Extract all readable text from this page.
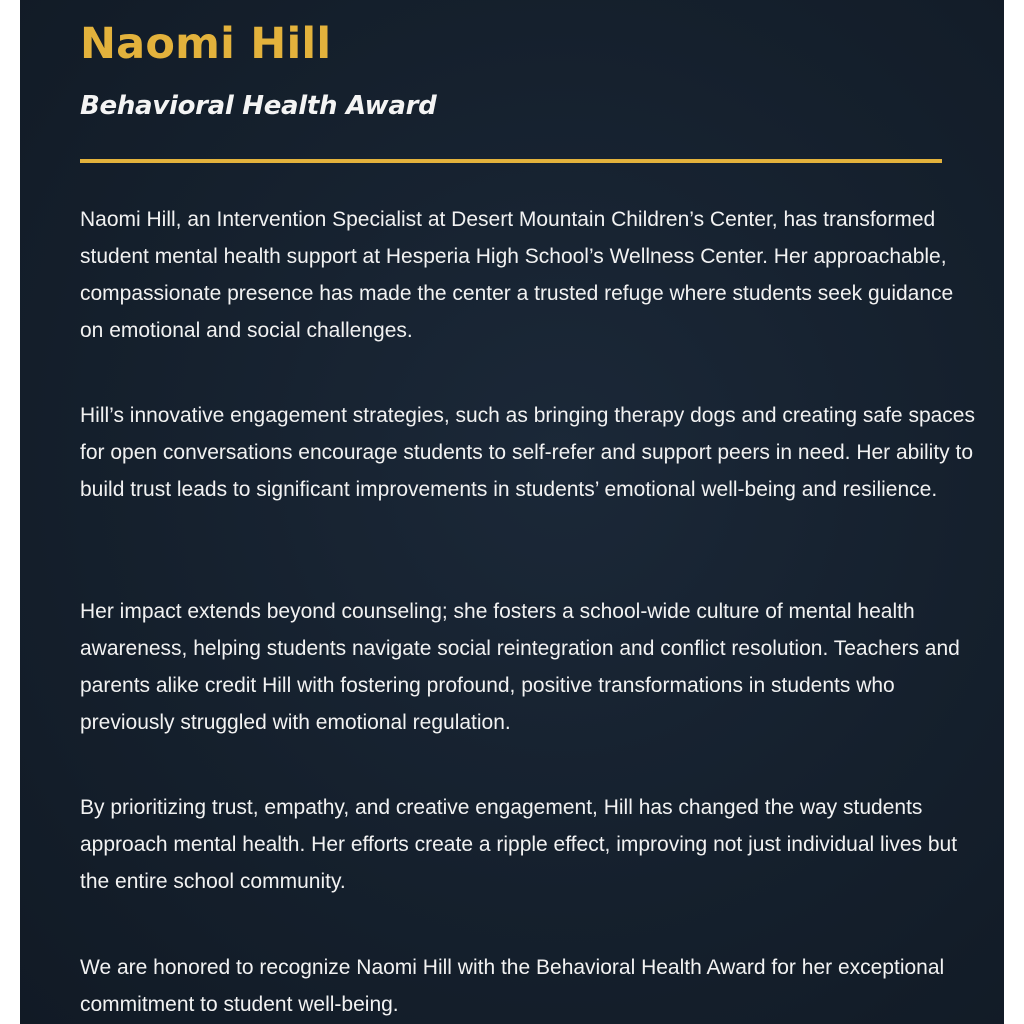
Naomi Hill
Behavioral Health Award

Naomi Hill, an Intervention Specialist at Desert Mountain Children’s Center, has transformed student mental health support at Hesperia High School’s Wellness Center. Her approachable, compassionate presence has made the center a trusted refuge where students seek guidance on emotional and social challenges.

Hill’s innovative engagement strategies, such as bringing therapy dogs and creating safe spaces for open conversations encourage students to self-refer and support peers in need. Her ability to build trust leads to significant improvements in students’ emotional well-being and resilience.

Her impact extends beyond counseling; she fosters a school-wide culture of mental health awareness, helping students navigate social reintegration and conflict resolution. Teachers and parents alike credit Hill with fostering profound, positive transformations in students who previously struggled with emotional regulation.

By prioritizing trust, empathy, and creative engagement, Hill has changed the way students approach mental health. Her efforts create a ripple effect, improving not just individual lives but the entire school community.

We are honored to recognize Naomi Hill with the Behavioral Health Award for her exceptional commitment to student well-being.
